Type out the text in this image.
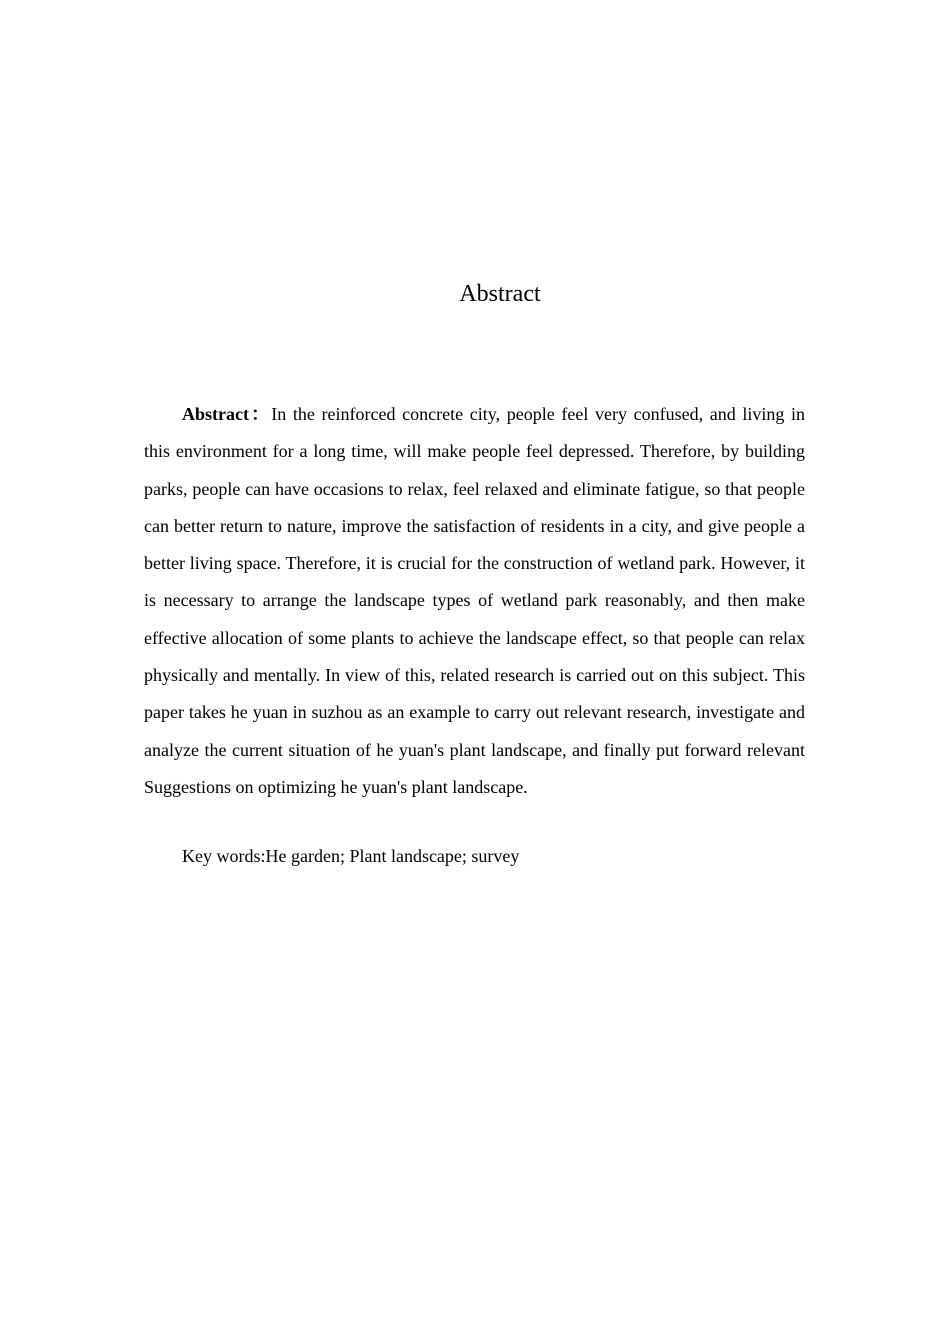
Abstract

Abstract：In the reinforced concrete city, people feel very confused, and living in this environment for a long time, will make people feel depressed. Therefore, by building parks, people can have occasions to relax, feel relaxed and eliminate fatigue, so that people can better return to nature, improve the satisfaction of residents in a city, and give people a better living space. Therefore, it is crucial for the construction of wetland park. However, it is necessary to arrange the landscape types of wetland park reasonably, and then make effective allocation of some plants to achieve the landscape effect, so that people can relax physically and mentally. In view of this, related research is carried out on this subject. This paper takes he yuan in suzhou as an example to carry out relevant research, investigate and analyze the current situation of he yuan's plant landscape, and finally put forward relevant Suggestions on optimizing he yuan's plant landscape.

Key words:He garden; Plant landscape; survey
